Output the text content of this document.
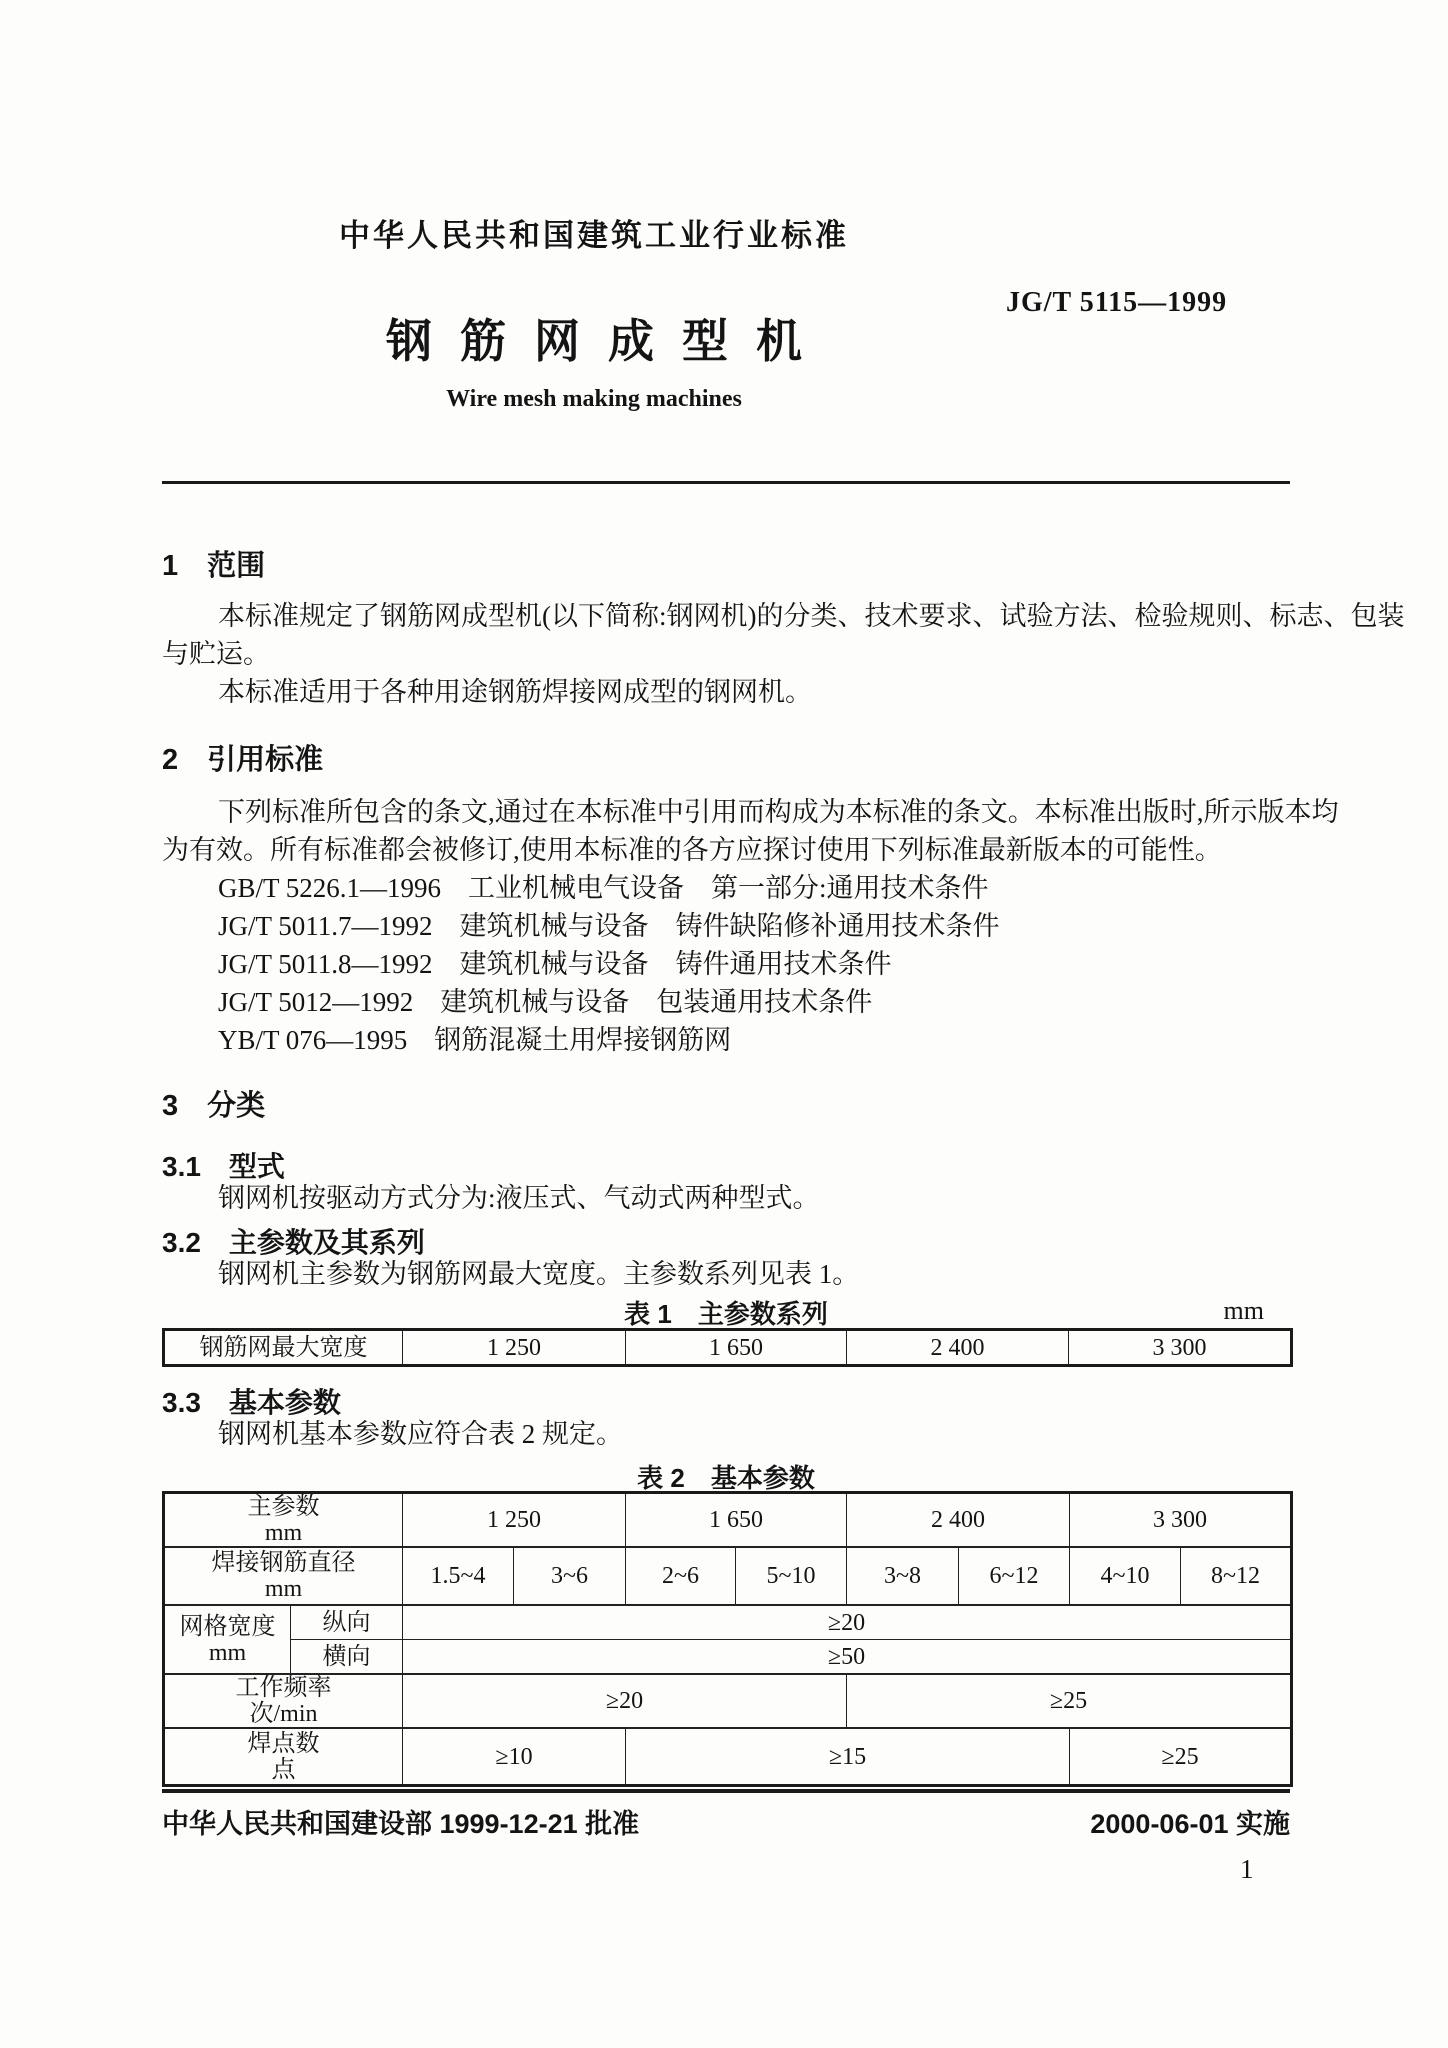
中华人民共和国建筑工业行业标准
JG/T 5115—1999
钢筋网成型机
Wire mesh making machines
1　范围
本标准规定了钢筋网成型机(以下简称:钢网机)的分类、技术要求、试验方法、检验规则、标志、包装
与贮运。
本标准适用于各种用途钢筋焊接网成型的钢网机。
2　引用标准
下列标准所包含的条文,通过在本标准中引用而构成为本标准的条文。本标准出版时,所示版本均
为有效。所有标准都会被修订,使用本标准的各方应探讨使用下列标准最新版本的可能性。
GB/T 5226.1—1996　工业机械电气设备　第一部分:通用技术条件
JG/T 5011.7—1992　建筑机械与设备　铸件缺陷修补通用技术条件
JG/T 5011.8—1992　建筑机械与设备　铸件通用技术条件
JG/T 5012—1992　建筑机械与设备　包装通用技术条件
YB/T 076—1995　钢筋混凝土用焊接钢筋网
3　分类
3.1　型式
钢网机按驱动方式分为:液压式、气动式两种型式。
3.2　主参数及其系列
钢网机主参数为钢筋网最大宽度。主参数系列见表 1。
表 1　主参数系列	mm
钢筋网最大宽度	1 250	1 650	2 400	3 300
3.3　基本参数
钢网机基本参数应符合表 2 规定。
表 2　基本参数
主参数
mm		1 250		1 650		2 400		3 300	

焊接钢筋直径
mm		1.5~4	3~6	2~6	5~10	3~8	6~12	4~10	8~12

网格宽度
mm	纵向	≥20							
	横向	≥50							

工作频率
次/min		≥20				≥25			

焊点数
点		≥10		≥15				≥25	
中华人民共和国建设部 1999-12-21 批准	2000-06-01 实施
1
